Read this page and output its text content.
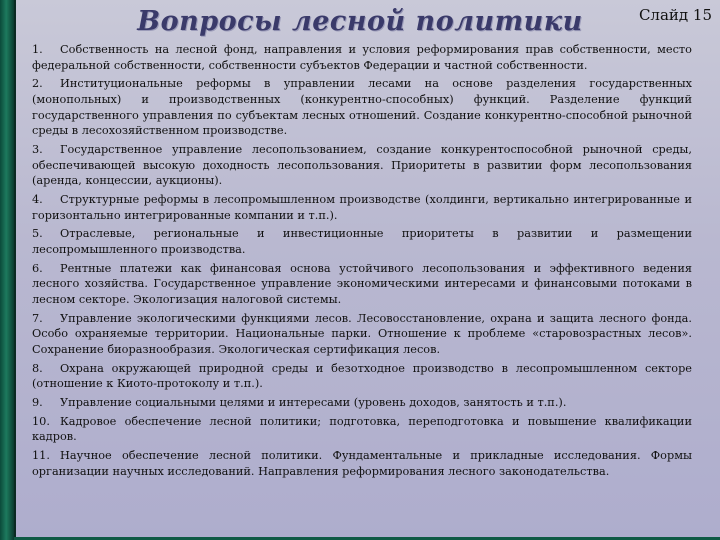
Вопросы лесной политики	Слайд 15

1. Собственность на лесной фонд, направления и условия реформирования прав собственности, место федеральной собственности, собственности субъектов Федерации и частной собственности.

2. Институциональные реформы в управлении лесами на основе разделения государственных (монопольных) и производственных (конкурентно-способных) функций. Разделение функций государственного управления по субъектам лесных отношений. Создание конкурентно-способной рыночной среды в лесохозяйственном производстве.

3. Государственное управление лесопользованием, создание конкурентоспособной рыночной среды, обеспечивающей высокую доходность лесопользования. Приоритеты в развитии форм лесопользования (аренда, концессии, аукционы).

4. Структурные реформы в лесопромышленном производстве (холдинги, вертикально интегрированные и горизонтально интегрированные компании и т.п.).

5. Отраслевые, региональные и инвестиционные приоритеты в развитии и размещении лесопромышленного производства.

6. Рентные платежи как финансовая основа устойчивого лесопользования и эффективного ведения лесного хозяйства. Государственное управление экономическими интересами и финансовыми потоками в лесном секторе. Экологизация налоговой системы.

7. Управление экологическими функциями лесов. Лесовосстановление, охрана и защита лесного фонда. Особо охраняемые территории. Национальные парки. Отношение к проблеме «старовозрастных лесов». Сохранение биоразнообразия. Экологическая сертификация лесов.

8. Охрана окружающей природной среды и безотходное производство в лесопромышленном секторе (отношение к Киото-протоколу и т.п.).

9. Управление социальными целями и интересами (уровень доходов, занятость и т.п.).

10. Кадровое обеспечение лесной политики; подготовка, переподготовка и повышение квалификации кадров.

11. Научное обеспечение лесной политики. Фундаментальные и прикладные исследования. Формы организации научных исследований. Направления реформирования лесного законодательства.
